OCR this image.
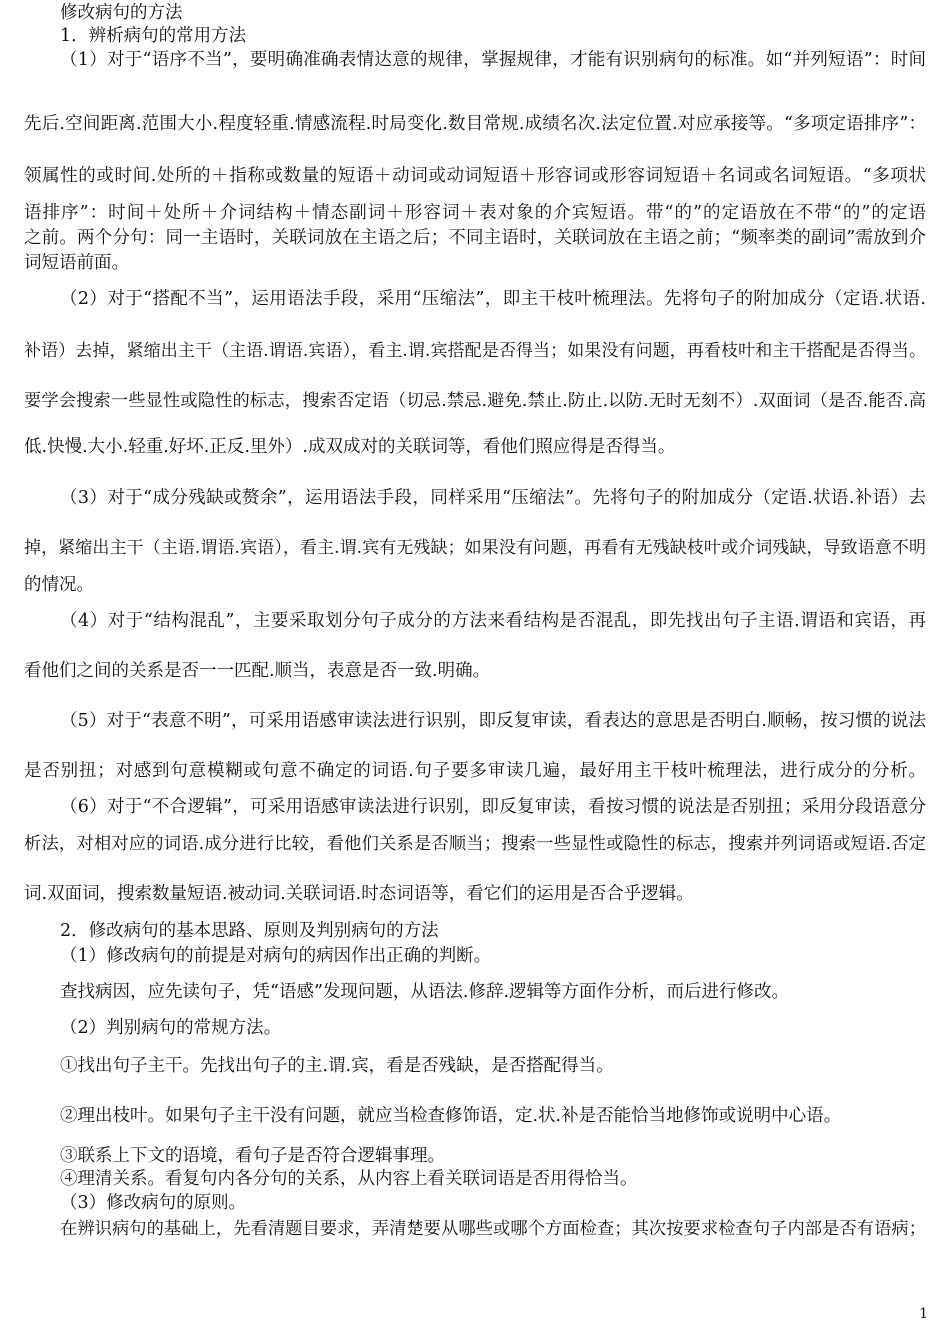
修改病句的方法
1．辨析病句的常用方法
（1）对于“语序不当”，要明确准确表情达意的规律，掌握规律，才能有识别病句的标准。如“并列短语”：时间
先后.空间距离.范围大小.程度轻重.情感流程.时局变化.数目常规.成绩名次.法定位置.对应承接等。“多项定语排序”：
领属性的或时间.处所的＋指称或数量的短语＋动词或动词短语＋形容词或形容词短语＋名词或名词短语。“多项状
语排序”：时间＋处所＋介词结构＋情态副词＋形容词＋表对象的介宾短语。带“的”的定语放在不带“的”的定语
之前。两个分句：同一主语时，关联词放在主语之后；不同主语时，关联词放在主语之前；“频率类的副词”需放到介
词短语前面。
（2）对于“搭配不当”，运用语法手段，采用“压缩法”，即主干枝叶梳理法。先将句子的附加成分（定语.状语.
补语）去掉，紧缩出主干（主语.谓语.宾语），看主.谓.宾搭配是否得当；如果没有问题，再看枝叶和主干搭配是否得当。
要学会搜索一些显性或隐性的标志，搜索否定语（切忌.禁忌.避免.禁止.防止.以防.无时无刻不）.双面词（是否.能否.高
低.快慢.大小.轻重.好坏.正反.里外）.成双成对的关联词等，看他们照应得是否得当。
（3）对于“成分残缺或赘余”，运用语法手段，同样采用“压缩法”。先将句子的附加成分（定语.状语.补语）去
掉，紧缩出主干（主语.谓语.宾语），看主.谓.宾有无残缺；如果没有问题，再看有无残缺枝叶或介词残缺，导致语意不明
的情况。
（4）对于“结构混乱”，主要采取划分句子成分的方法来看结构是否混乱，即先找出句子主语.谓语和宾语，再
看他们之间的关系是否一一匹配.顺当，表意是否一致.明确。
（5）对于“表意不明”，可采用语感审读法进行识别，即反复审读，看表达的意思是否明白.顺畅，按习惯的说法
是否别扭；对感到句意模糊或句意不确定的词语.句子要多审读几遍，最好用主干枝叶梳理法，进行成分的分析。
（6）对于“不合逻辑”，可采用语感审读法进行识别，即反复审读，看按习惯的说法是否别扭；采用分段语意分
析法，对相对应的词语.成分进行比较，看他们关系是否顺当；搜索一些显性或隐性的标志，搜索并列词语或短语.否定
词.双面词，搜索数量短语.被动词.关联词语.时态词语等，看它们的运用是否合乎逻辑。
2．修改病句的基本思路、原则及判别病句的方法
（1）修改病句的前提是对病句的病因作出正确的判断。
查找病因，应先读句子，凭“语感”发现问题，从语法.修辞.逻辑等方面作分析，而后进行修改。
（2）判别病句的常规方法。
①找出句子主干。先找出句子的主.谓.宾，看是否残缺，是否搭配得当。
②理出枝叶。如果句子主干没有问题，就应当检查修饰语，定.状.补是否能恰当地修饰或说明中心语。
③联系上下文的语境，看句子是否符合逻辑事理。
④理清关系。看复句内各分句的关系，从内容上看关联词语是否用得恰当。
（3）修改病句的原则。
在辨识病句的基础上，先看清题目要求，弄清楚要从哪些或哪个方面检查；其次按要求检查句子内部是否有语病；
1
